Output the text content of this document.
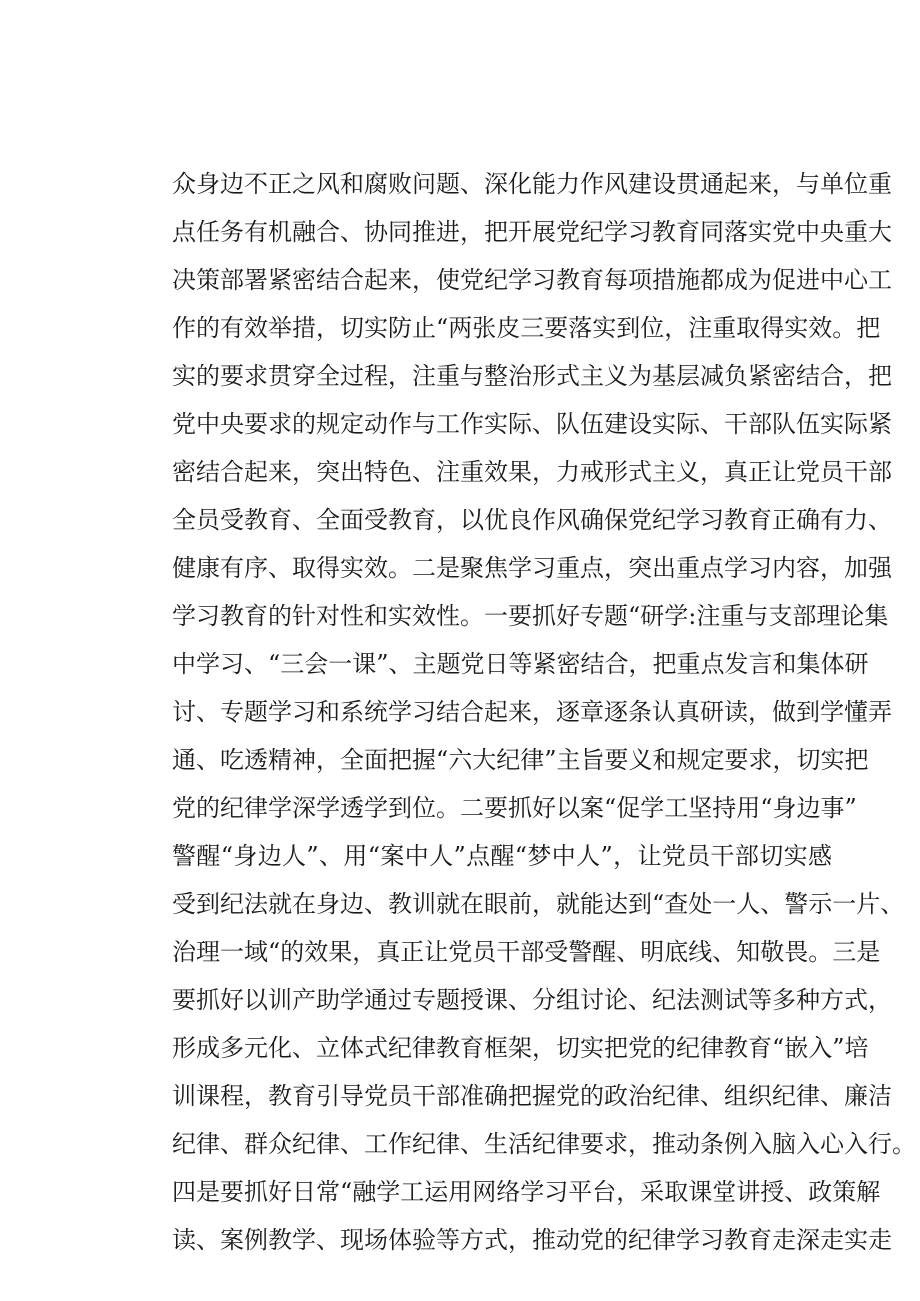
众身边不正之风和腐败问题、深化能力作风建设贯通起来，与单位重
点任务有机融合、协同推进，把开展党纪学习教育同落实党中央重大
决策部署紧密结合起来，使党纪学习教育每项措施都成为促进中心工
作的有效举措，切实防止“两张皮三要落实到位，注重取得实效。把
实的要求贯穿全过程，注重与整治形式主义为基层减负紧密结合，把
党中央要求的规定动作与工作实际、队伍建设实际、干部队伍实际紧
密结合起来，突出特色、注重效果，力戒形式主义，真正让党员干部
全员受教育、全面受教育，以优良作风确保党纪学习教育正确有力、
健康有序、取得实效。二是聚焦学习重点，突出重点学习内容，加强
学习教育的针对性和实效性。一要抓好专题“研学:注重与支部理论集
中学习、“三会一课”、主题党日等紧密结合，把重点发言和集体研
讨、专题学习和系统学习结合起来，逐章逐条认真研读，做到学懂弄
通、吃透精神，全面把握“六大纪律”主旨要义和规定要求，切实把
党的纪律学深学透学到位。二要抓好以案“促学工坚持用“身边事”
警醒“身边人”、用“案中人”点醒“梦中人”，让党员干部切实感
受到纪法就在身边、教训就在眼前，就能达到“查处一人、警示一片、
治理一域“的效果，真正让党员干部受警醒、明底线、知敬畏。三是
要抓好以训产助学通过专题授课、分组讨论、纪法测试等多种方式，
形成多元化、立体式纪律教育框架，切实把党的纪律教育“嵌入”培
训课程，教育引导党员干部准确把握党的政治纪律、组织纪律、廉洁
纪律、群众纪律、工作纪律、生活纪律要求，推动条例入脑入心入行。
四是要抓好日常“融学工运用网络学习平台，采取课堂讲授、政策解
读、案例教学、现场体验等方式，推动党的纪律学习教育走深走实走
